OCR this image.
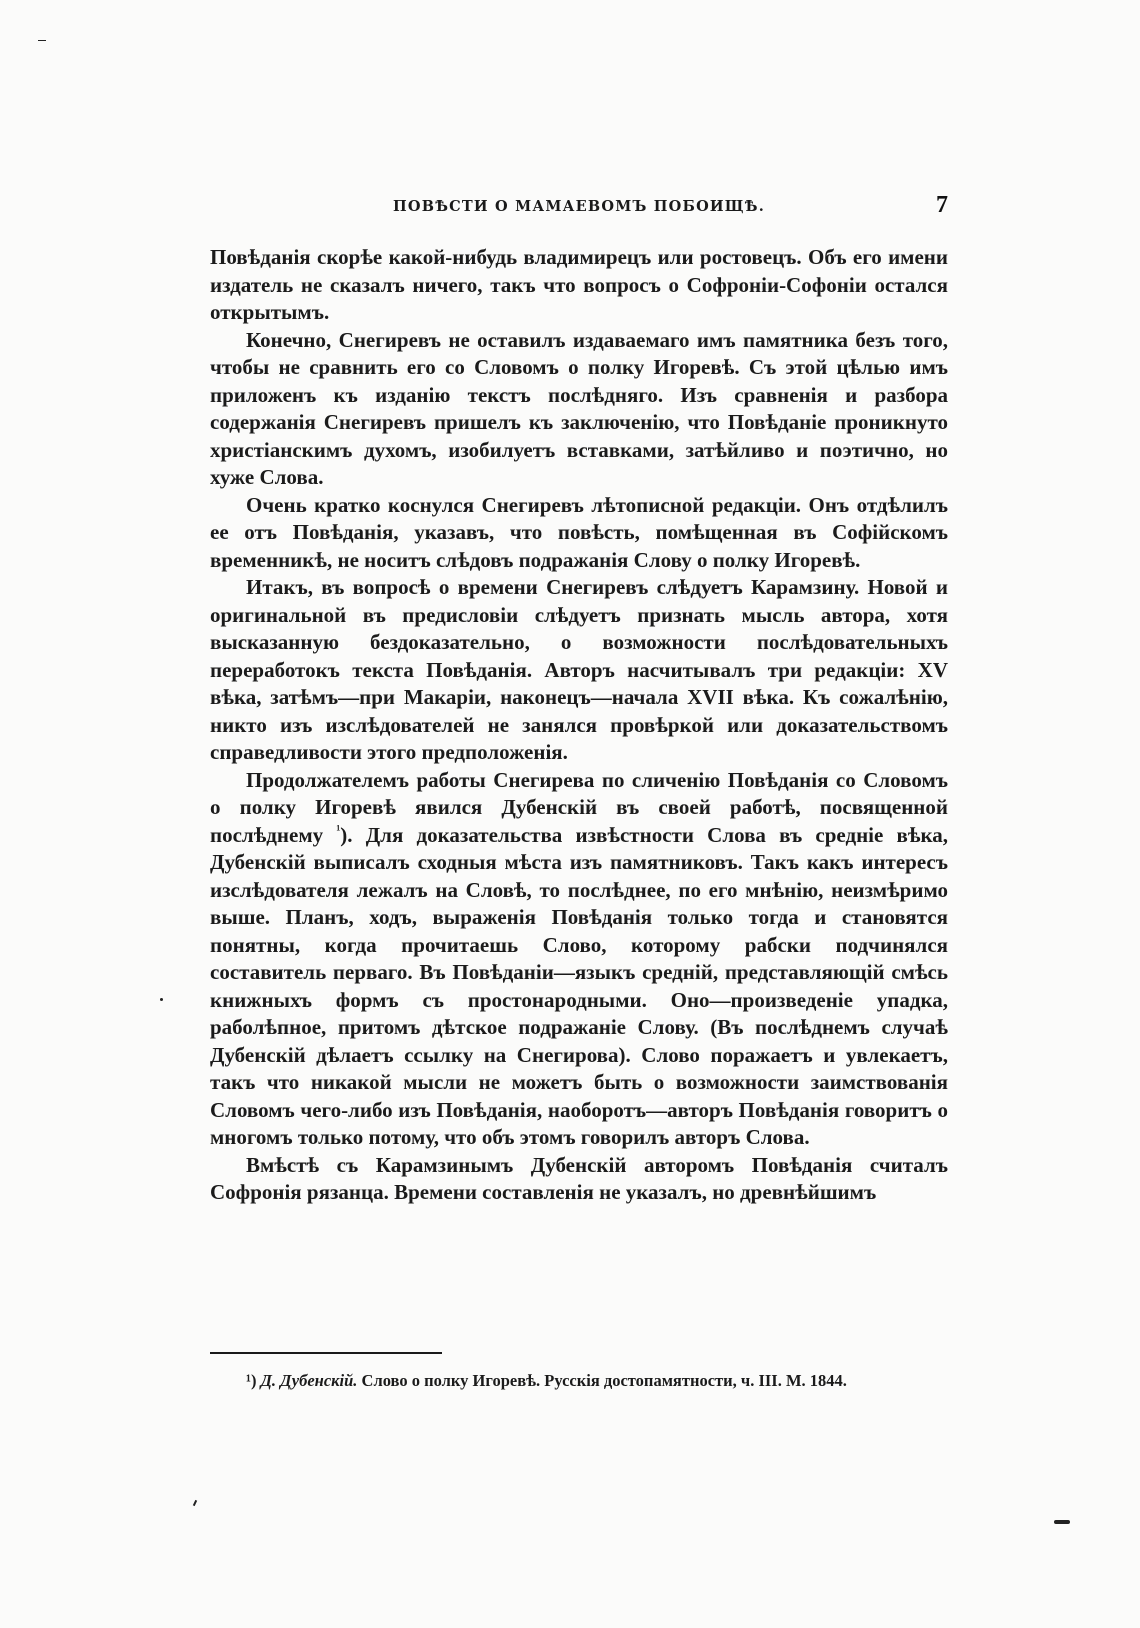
ПОВѢСТИ О МАМАЕВОМЪ ПОБОИЩѢ.	7

Повѣданія скорѣе какой-нибудь владимирецъ или ростовецъ. Объ его имени издатель не сказалъ ничего, такъ что вопросъ о Софроніи-Софоніи остался открытымъ.

Конечно, Снегиревъ не оставилъ издаваемаго имъ памятника безъ того, чтобы не сравнить его со Словомъ о полку Игоревѣ. Съ этой цѣлью имъ приложенъ къ изданію текстъ послѣдняго. Изъ сравненія и разбора содержанія Снегиревъ пришелъ къ заключенію, что Повѣданіе проникнуто христіанскимъ духомъ, изобилуетъ вставками, затѣйливо и поэтично, но хуже Слова.

Очень кратко коснулся Снегиревъ лѣтописной редакціи. Онъ отдѣлилъ ее отъ Повѣданія, указавъ, что повѣсть, помѣщенная въ Софійскомъ временникѣ, не носитъ слѣдовъ подражанія Слову о полку Игоревѣ.

Итакъ, въ вопросѣ о времени Снегиревъ слѣдуетъ Карамзину. Новой и оригинальной въ предисловіи слѣдуетъ признать мысль автора, хотя высказанную бездоказательно, о возможности послѣдовательныхъ переработокъ текста Повѣданія. Авторъ насчитывалъ три редакціи: XV вѣка, затѣмъ—при Макаріи, наконецъ—начала XVII вѣка. Къ сожалѣнію, никто изъ изслѣдователей не занялся провѣркой или доказательствомъ справедливости этого предположенія.

Продолжателемъ работы Снегирева по сличенію Повѣданія со Словомъ о полку Игоревѣ явился Дубенскій въ своей работѣ, посвященной послѣднему $^{^1}$). Для доказательства извѣстности Слова въ средніе вѣка, Дубенскій выписалъ сходныя мѣста изъ памятниковъ. Такъ какъ интересъ изслѣдователя лежалъ на Словѣ, то послѣднее, по его мнѣнію, неизмѣримо выше. Планъ, ходъ, выраженія Повѣданія только тогда и становятся понятны, когда прочитаешь Слово, которому рабски подчинялся составитель перваго. Въ Повѣданіи—языкъ средній, представляющій смѣсь книжныхъ формъ съ простонародными. Оно—произведеніе упадка, раболѣпное, притомъ дѣтское подражаніе Слову. (Въ послѣднемъ случаѣ Дубенскій дѣлаетъ ссылку на Снегирова). Слово поражаетъ и увлекаетъ, такъ что никакой мысли не можетъ быть о возможности заимствованія Словомъ чего-либо изъ Повѣданія, наоборотъ—авторъ Повѣданія говоритъ о многомъ только потому, что объ этомъ говорилъ авторъ Слова.

Вмѣстѣ съ Карамзинымъ Дубенскій авторомъ Повѣданія считалъ Софронія рязанца. Времени составленія не указалъ, но древнѣйшимъ

¹) Д. Дубенскій. Слово о полку Игоревѣ. Русскія достопамятности, ч. III. М. 1844.
